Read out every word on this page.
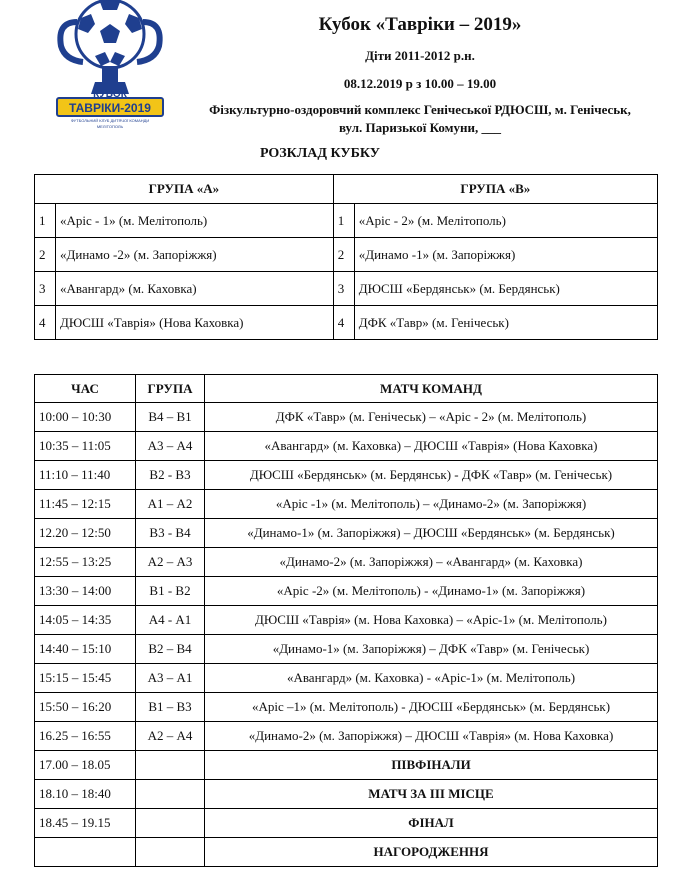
КУБОК
ТАВРІКИ-2019
ФУТБОЛЬНИЙ КЛУБ ДИТЯЧОЇ КОМАНДИ
МЕЛІТОПОЛЬ
Кубок «Тавріки – 2019»
Діти 2011-2012 р.н.
08.12.2019 р з 10.00 – 19.00
Фізкультурно-оздоровчий комплекс Генічеської РДЮСШ, м. Генічеськ, вул. Паризької Комуни, ___
РОЗКЛАД КУБКУ
ГРУПА «А»		ГРУПА «В»	
1	«Аріс - 1» (м. Мелітополь)	1	«Аріс - 2» (м. Мелітополь)
2	«Динамо -2» (м. Запоріжжя)	2	«Динамо -1» (м. Запоріжжя)
3	«Авангард» (м. Каховка)	3	ДЮСШ «Бердянськ» (м. Бердянськ)
4	ДЮСШ «Таврія» (Нова Каховка)	4	ДФК «Тавр» (м. Генічеськ)
ЧАС	ГРУПА	МАТЧ КОМАНД
10:00 – 10:30	В4 – В1	ДФК «Тавр» (м. Генічеськ) – «Аріс - 2» (м. Мелітополь)
10:35 – 11:05	А3 – А4	«Авангард» (м. Каховка) – ДЮСШ «Таврія» (Нова Каховка)
11:10 – 11:40	В2 - В3	ДЮСШ «Бердянськ» (м. Бердянськ) - ДФК «Тавр» (м. Генічеськ)
11:45 – 12:15	А1 – А2	«Аріс -1» (м. Мелітополь) – «Динамо-2» (м. Запоріжжя)
12.20 – 12:50	В3 - В4	«Динамо-1» (м. Запоріжжя) – ДЮСШ «Бердянськ» (м. Бердянськ)
12:55 – 13:25	А2 – А3	«Динамо-2» (м. Запоріжжя) – «Авангард» (м. Каховка)
13:30 – 14:00	В1 - В2	«Аріс -2» (м. Мелітополь) - «Динамо-1» (м. Запоріжжя)
14:05 – 14:35	А4 - А1	ДЮСШ «Таврія» (м. Нова Каховка) – «Аріс-1» (м. Мелітополь)
14:40 – 15:10	В2 – В4	«Динамо-1» (м. Запоріжжя) – ДФК «Тавр» (м. Генічеськ)
15:15 – 15:45	А3 – А1	«Авангард» (м. Каховка) - «Аріс-1» (м. Мелітополь)
15:50 – 16:20	В1 – В3	«Аріс –1» (м. Мелітополь) - ДЮСШ «Бердянськ» (м. Бердянськ)
16.25 – 16:55	А2 – А4	«Динамо-2» (м. Запоріжжя) – ДЮСШ «Таврія» (м. Нова Каховка)
17.00 – 18.05		ПІВФІНАЛИ
18.10 – 18:40		МАТЧ ЗА ІІІ МІСЦЕ
18.45 – 19.15		ФІНАЛ
		НАГОРОДЖЕННЯ
